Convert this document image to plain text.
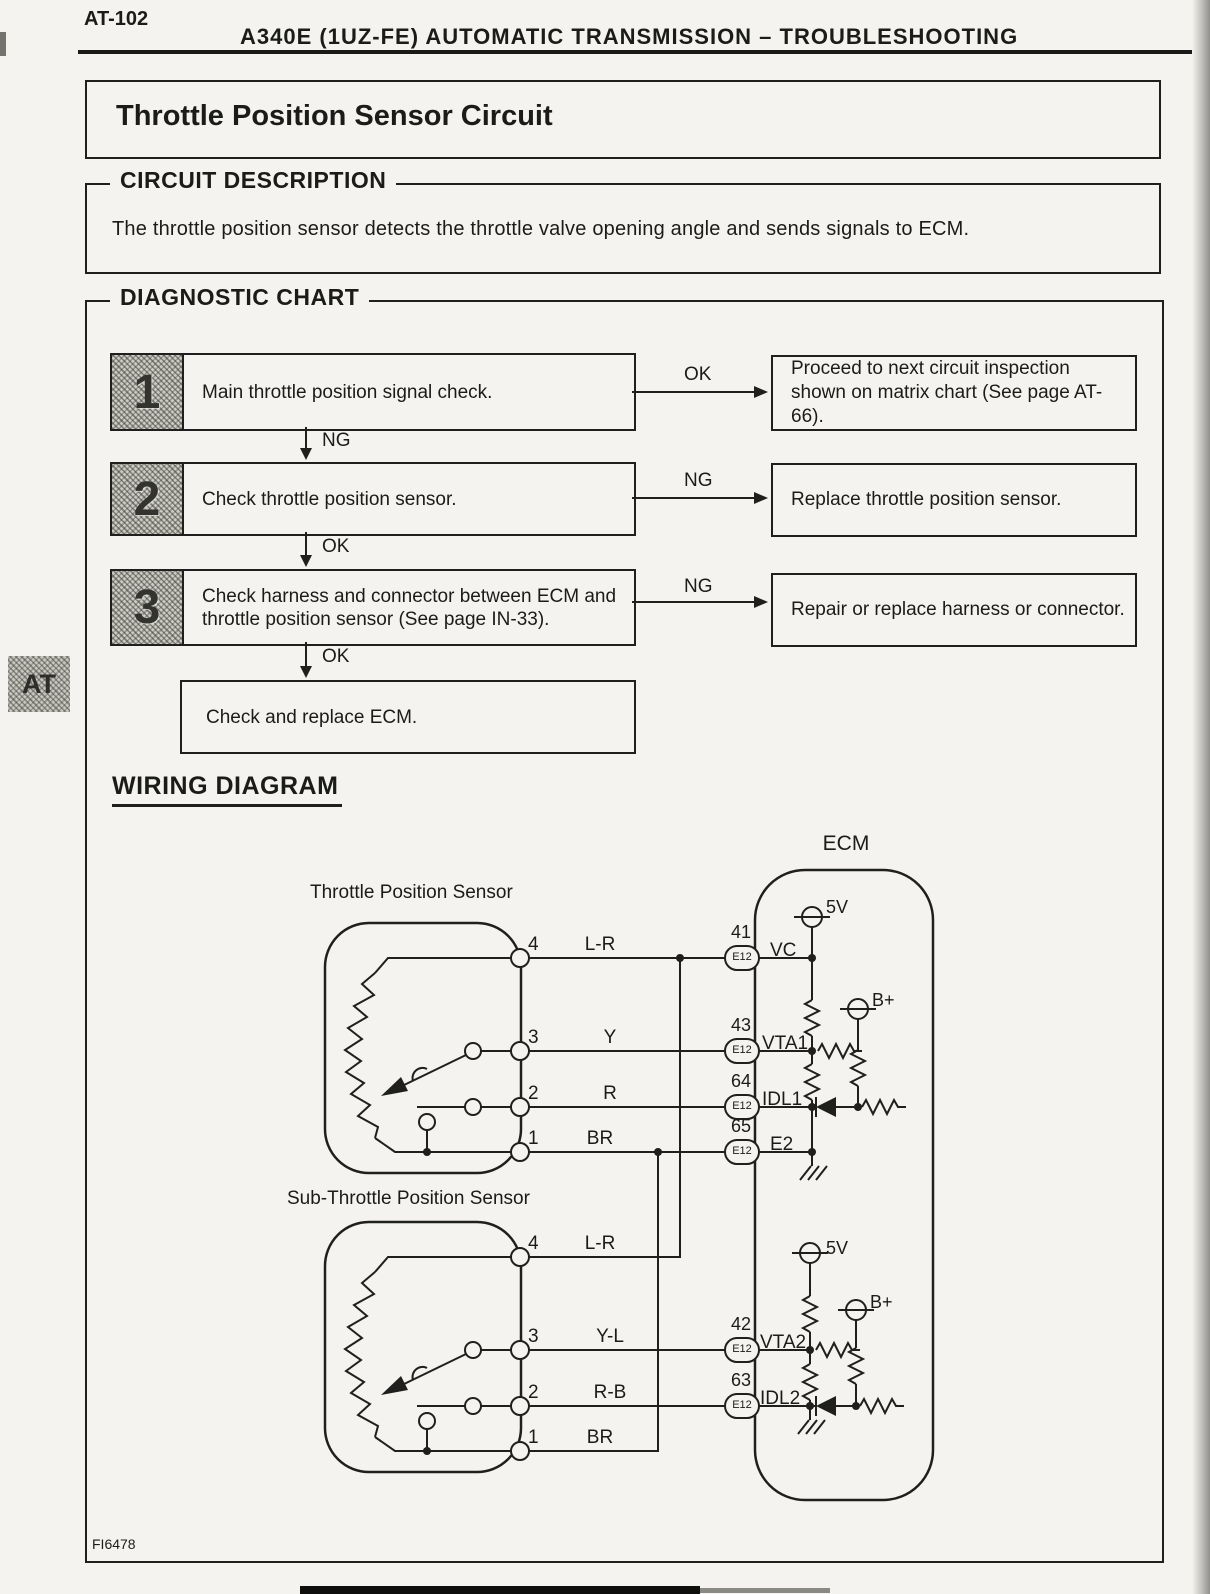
AT-102
A340E (1UZ-FE) AUTOMATIC TRANSMISSION – TROUBLESHOOTING
Throttle Position Sensor Circuit
CIRCUIT DESCRIPTION
The throttle position sensor detects the throttle valve opening angle and sends signals to ECM.
DIAGNOSTIC CHART
1	Main throttle position signal check.
2	Check throttle position sensor.
3	Check harness and connector between ECM and throttle position sensor (See page IN-33).
Check and replace ECM.
Proceed to next circuit inspection shown on matrix chart (See page AT-66).
Replace throttle position sensor.
Repair or replace harness or connector.
OK
NG
NG
NG
OK
OK
WIRING DIAGRAM
Throttle Position Sensor
Sub-Throttle Position Sensor
ECM
4
3
2
1
L-R
Y
R
BR
4
3
2
1
L-R
Y-L
R-B
BR
41
43
64
65
42
63
E12
E12
E12
E12
E12
E12
VC
VTA1
IDL1
E2
VTA2
IDL2
5V
B+
5V
B+
FI6478
AT
